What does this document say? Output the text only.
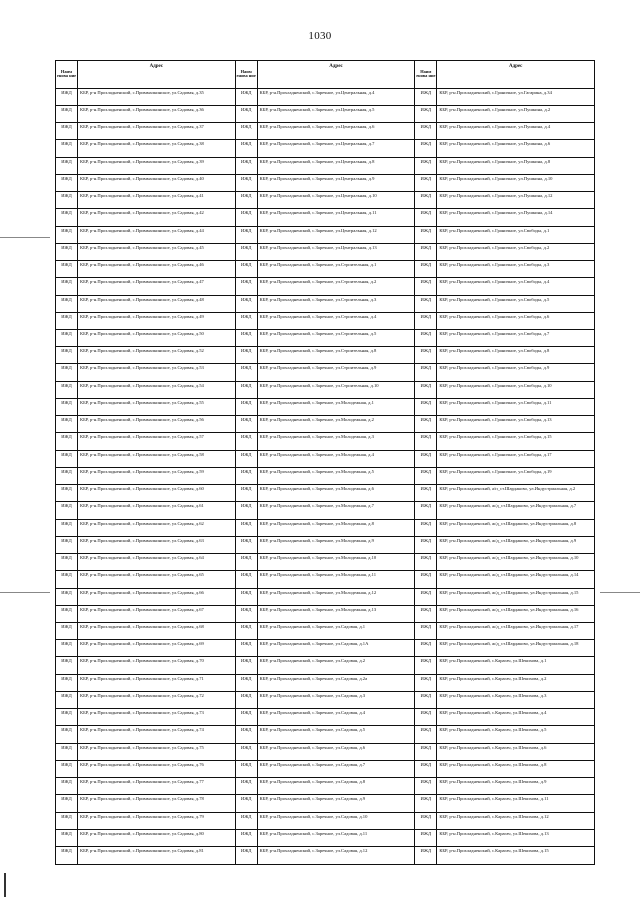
1030
Наим енова ние
Адрес
ИЖД	КБР, р-н Прохладненский, с.Приммалкинское, ул.Садовая, д.35
ИЖД	КБР, р-н.Прохладненский, с.Приммалкинское, ул.Садовая, д.36
ИЖД	КБР, р-н.Прохладненский, с.Приммалкинское, ул.Садовая, д.37
ИЖД	КБР, р-н.Прохладненский, с.Приммалкинское, ул.Садовая, д.38
ИЖД	КБР, р-н.Прохладненский, с.Приммалкинское, ул.Садовая, д.39
ИЖД	КБР, р-н.Прохладненский, с.Приммалкинское, ул.Садовая, д.40
ИЖД	КБР, р-н.Прохладненский, с.Приммалкинское, ул.Садовая, д.41
ИЖД	КБР, р-н.Прохладненский, с.Приммалкинское, ул.Садовая, д.42
ИЖД	КБР, р-н.Прохладненский, с.Приммалкинское, ул.Садовая, д.44
ИЖД	КБР, р-н.Прохладненский, с.Приммалкинское, ул.Садовая, д.45
ИЖД	КБР, р-н.Прохладненский, с.Приммалкинское, ул.Садовая, д.46
ИЖД	КБР, р-н.Прохладненский, с.Приммалкинское, ул.Садовая, д.47
ИЖД	КБР, р-н.Прохладненский, с.Приммалкинское, ул.Садовая, д.48
ИЖД	КБР, р-н.Прохладненский, с.Приммалкинское, ул.Садовая, д.49
ИЖД	КБР, р-н.Прохладненский, с.Приммалкинское, ул.Садовая, д.50
ИЖД	КБР, р-н.Прохладненский, с.Приммалкинское, ул.Садовая, д.52
ИЖД	КБР, р-н.Прохладненский, с.Приммалкинское, ул.Садовая, д.53
ИЖД	КБР, р-н.Прохладненский, с.Приммалкинское, ул.Садовая, д.54
ИЖД	КБР, р-н.Прохладненский, с.Приммалкинское, ул.Садовая, д.55
ИЖД	КБР, р-н.Прохладненский, с.Приммалкинское, ул.Садовая, д.56
ИЖД	КБР, р-н.Прохладненский, с.Приммалкинское, ул.Садовая, д.57
ИЖД	КБР, р-н.Прохладненский, с.Приммалкинское, ул.Садовая, д.58
ИЖД	КБР, р-н.Прохладненский, с.Приммалкинское, ул.Садовая, д.59
ИЖД	КБР, р-н.Прохладненский, с.Приммалкинское, ул.Садовая, д.60
ИЖД	КБР, р-н.Прохладненский, с.Приммалкинское, ул.Садовая, д.61
ИЖД	КБР, р-н.Прохладненский, с.Приммалкинское, ул.Садовая, д.62
ИЖД	КБР, р-н.Прохладненский, с.Приммалкинское, ул.Садовая, д.63
ИЖД	КБР, р-н.Прохладненский, с.Приммалкинское, ул.Садовая, д.64
ИЖД	КБР, р-н.Прохладненский, с.Приммалкинское, ул.Садовая, д.65
ИЖД	КБР, р-н.Прохладненский, с.Приммалкинское, ул.Садовая, д.66
ИЖД	КБР, р-н.Прохладненский, с.Приммалкинское, ул.Садовая, д.67
ИЖД	КБР, р-н.Прохладненский, с.Приммалкинское, ул.Садовая, д.68
ИЖД	КБР, р-н.Прохладненский, с.Приммалкинское, ул.Садовая, д.69
ИЖД	КБР, р-н.Прохладненский, с.Приммалкинское, ул.Садовая, д.70
ИЖД	КБР, р-н.Прохладненский, с.Приммалкинское, ул.Садовая, д.71
ИЖД	КБР, р-н.Прохладненский, с.Приммалкинское, ул.Садовая, д.72
ИЖД	КБР, р-н.Прохладненский, с.Приммалкинское, ул.Садовая, д.73
ИЖД	КБР, р-н.Прохладненский, с.Приммалкинское, ул.Садовая, д.74
ИЖД	КБР, р-н.Прохладненский, с.Приммалкинское, ул.Садовая, д.75
ИЖД	КБР, р-н.Прохладненский, с.Приммалкинское, ул.Садовая, д.76
ИЖД	КБР, р-н.Прохладненский, с.Приммалкинское, ул.Садовая, д.77
ИЖД	КБР, р-н.Прохладненский, с.Приммалкинское, ул.Садовая, д.78
ИЖД	КБР, р-н.Прохладненский, с.Приммалкинское, ул.Садовая, д.79
ИЖД	КБР, р-н.Прохладненский, с.Приммалкинское, ул.Садовая, д.80
ИЖД	КБР, р-н.Прохладненский, с.Приммалкинское, ул.Садовая, д.81
Наим енова ние
Адрес
ИЖД	КБР, р-н.Прохладненский, с.Заречное, ул.Центральная, д.4
ИЖД	КБР, р-н.Прохладненский, с.Заречное, ул.Центральная, д.5
ИЖД	КБР, р-н.Прохладненский, с.Заречное, ул.Центральная, д.6
ИЖД	КБР, р-н.Прохладненский, с.Заречное, ул.Центральная, д.7
ИЖД	КБР, р-н.Прохладненский, с.Заречное, ул.Центральная, д.8
ИЖД	КБР, р-н.Прохладненский, с.Заречное, ул.Центральная, д.9
ИЖД	КБР, р-н.Прохладненский, с.Заречное, ул.Центральная, д.10
ИЖД	КБР, р-н.Прохладненский, с.Заречное, ул.Центральная, д.11
ИЖД	КБР, р-н.Прохладненский, с.Заречное, ул.Центральная, д.12
ИЖД	КБР, р-н.Прохладненский, с.Заречное, ул.Центральная, д.13
ИЖД	КБР, р-н.Прохладненский, с.Заречное, ул.Строительная, д.1
ИЖД	КБР, р-н.Прохладненский, с.Заречное, ул.Строительная, д.2
ИЖД	КБР, р-н.Прохладненский, с.Заречное, ул.Строительная, д.3
ИЖД	КБР, р-н.Прохладненский, с.Заречное, ул.Строительная, д.4
ИЖД	КБР, р-н.Прохладненский, с.Заречное, ул.Строительная, д.5
ИЖД	КБР, р-н.Прохладненский, с.Заречное, ул.Строительная, д.8
ИЖД	КБР, р-н.Прохладненский, с.Заречное, ул.Строительная, д.9
ИЖД	КБР, р-н.Прохладненский, с.Заречное, ул.Строительная, д.10
ИЖД	КБР, р-н.Прохладненский, с.Заречное, ул.Молодежная, д.1
ИЖД	КБР, р-н.Прохладненский, с.Заречное, ул.Молодежная, д.2
ИЖД	КБР, р-н.Прохладненский, с.Заречное, ул.Молодежная, д.3
ИЖД	КБР, р-н.Прохладненский, с.Заречное, ул.Молодежная, д.4
ИЖД	КБР, р-н.Прохладненский, с.Заречное, ул.Молодежная, д.5
ИЖД	КБР, р-н.Прохладненский, с.Заречное, ул.Молодежная, д.6
ИЖД	КБР, р-н.Прохладненский, с.Заречное, ул.Молодежная, д.7
ИЖД	КБР, р-н.Прохладненский, с.Заречное, ул.Молодежная, д.8
ИЖД	КБР, р-н.Прохладненский, с.Заречное, ул.Молодежная, д.9
ИЖД	КБР, р-н.Прохладненский, с.Заречное, ул.Молодежная, д.10
ИЖД	КБР, р-н.Прохладненский, с.Заречное, ул.Молодежная, д.11
ИЖД	КБР, р-н.Прохладненский, с.Заречное, ул.Молодежная, д.12
ИЖД	КБР, р-н.Прохладненский, с.Заречное, ул.Молодежная, д.13
ИЖД	КБР, р-н.Прохладненский, с.Заречное, ул.Садовая, д.1
ИЖД	КБР, р-н.Прохладненский, с.Заречное, ул.Садовая, д.1А
ИЖД	КБР, р-н.Прохладненский, с.Заречное, ул.Садовая, д.2
ИЖД	КБР, р-н.Прохладненский, с.Заречное, ул.Садовая, д.2а
ИЖД	КБР, р-н.Прохладненский, с.Заречное, ул.Садовая, д.3
ИЖД	КБР, р-н.Прохладненский, с.Заречное, ул.Садовая, д.4
ИЖД	КБР, р-н.Прохладненский, с.Заречное, ул.Садовая, д.5
ИЖД	КБР, р-н.Прохладненский, с.Заречное, ул.Садовая, д.6
ИЖД	КБР, р-н.Прохладненский, с.Заречное, ул.Садовая, д.7
ИЖД	КБР, р-н.Прохладненский, с.Заречное, ул.Садовая, д.8
ИЖД	КБР, р-н.Прохладненский, с.Заречное, ул.Садовая, д.9
ИЖД	КБР, р-н.Прохладненский, с.Заречное, ул.Садовая, д.10
ИЖД	КБР, р-н.Прохладненский, с.Заречное, ул.Садовая, д.11
ИЖД	КБР, р-н.Прохладненский, с.Заречное, ул.Садовая, д.12
Наим енова ние
Адрес
ИЖД	КБР, р-н.Прохладненский, с.Граничное, ул.Гагарина, д.34
ИЖД	КБР, р-н.Прохладненский, с.Граничное, ул.Пушкина, д.2
ИЖД	КБР, р-н.Прохладненский, с.Граничное, ул.Пушкина, д.4
ИЖД	КБР, р-н.Прохладненский, с.Граничное, ул.Пушкина, д.6
ИЖД	КБР, р-н.Прохладненский, с.Граничное, ул.Пушкина, д.8
ИЖД	КБР, р-н.Прохладненский, с.Граничное, ул.Пушкина, д.10
ИЖД	КБР, р-н.Прохладненский, с.Граничное, ул.Пушкина, д.12
ИЖД	КБР, р-н.Прохладненский, с.Граничное, ул.Пушкина, д.14
ИЖД	КБР, р-н.Прохладненский, с.Граничное, ул.Свободы, д.1
ИЖД	КБР, р-н.Прохладненский, с.Граничное, ул.Свободы, д.2
ИЖД	КБР, р-н.Прохладненский, с.Граничное, ул.Свободы, д.3
ИЖД	КБР, р-н.Прохладненский, с.Граничное, ул.Свободы, д.4
ИЖД	КБР, р-н.Прохладненский, с.Граничное, ул.Свободы, д.5
ИЖД	КБР, р-н.Прохладненский, с.Граничное, ул.Свободы, д.6
ИЖД	КБР, р-н.Прохладненский, с.Граничное, ул.Свободы, д.7
ИЖД	КБР, р-н.Прохладненский, с.Граничное, ул.Свободы, д.8
ИЖД	КБР, р-н.Прохладненский, с.Граничное, ул.Свободы, д.9
ИЖД	КБР, р-н.Прохладненский, с.Граничное, ул.Свободы, д.10
ИЖД	КБР, р-н.Прохладненский, с.Граничное, ул.Свободы, д.11
ИЖД	КБР, р-н.Прохладненский, с.Граничное, ул.Свободы, д.13
ИЖД	КБР, р-н.Прохладненский, с.Граничное, ул.Свободы, д.15
ИЖД	КБР, р-н.Прохладненский, с.Граничное, ул.Свободы, д.17
ИЖД	КБР, р-н.Прохладненский, с.Граничное, ул.Свободы, д.19
ИЖД	КБР, р-н.Прохладненский, а/п_ст.Шардаково, ул.Индустриальная, д.2
ИЖД	КБР, р-н.Прохладненский, ж/д_ст.Шардаково, ул.Индустриальная, д.7
ИЖД	КБР, р-н.Прохладненский, ж/д_ст.Шардаково, ул.Индустриальная, д.8
ИЖД	КБР, р-н.Прохладненский, ж/д_ст.Шардаково, ул.Индустриальная, д.9
ИЖД	КБР, р-н.Прохладненский, ж/д_ст.Шардаково, ул.Индустриальная, д.10
ИЖД	КБР, р-н.Прохладненский, ж/д_ст.Шардаково, ул.Индустриальная, д.14
ИЖД	КБР, р-н.Прохладненский, ж/д_ст.Шардаково, ул.Индустриальная, д.15
ИЖД	КБР, р-н.Прохладненский, ж/д_ст.Шардаково, ул.Индустриальная, д.16
ИЖД	КБР, р-н.Прохладненский, ж/д_ст.Шардаково, ул.Индустриальная, д.17
ИЖД	КБР, р-н.Прохладненский, ж/д_ст.Шардаково, ул.Индустриальная, д.18
ИЖД	КБР, р-н.Прохладненский, с.Карагач, ул.Шекихова, д.1
ИЖД	КБР, р-н.Прохладненский, с.Карагач, ул.Шекихова, д.2
ИЖД	КБР, р-н.Прохладненский, с.Карагач, ул.Шекихова, д.3
ИЖД	КБР, р-н.Прохладненский, с.Карагач, ул.Шекихова, д.4
ИЖД	КБР, р-н.Прохладненский, с.Карагач, ул.Шекихова, д.5
ИЖД	КБР, р-н.Прохладненский, с.Карагач, ул.Шекихова, д.6
ИЖД	КБР, р-н.Прохладненский, с.Карагач, ул.Шекихова, д.8
ИЖД	КБР, р-н.Прохладненский, с.Карагач, ул.Шекихова, д.9
ИЖД	КБР, р-н.Прохладненский, с.Карагач, ул.Шекихова, д.11
ИЖД	КБР, р-н.Прохладненский, с.Карагач, ул.Шекихова, д.12
ИЖД	КБР, р-н.Прохладненский, с.Карагач, ул.Шекихова, д.13
ИЖД	КБР, р-н.Прохладненский, с.Карагач, ул.Шекихова, д.15
